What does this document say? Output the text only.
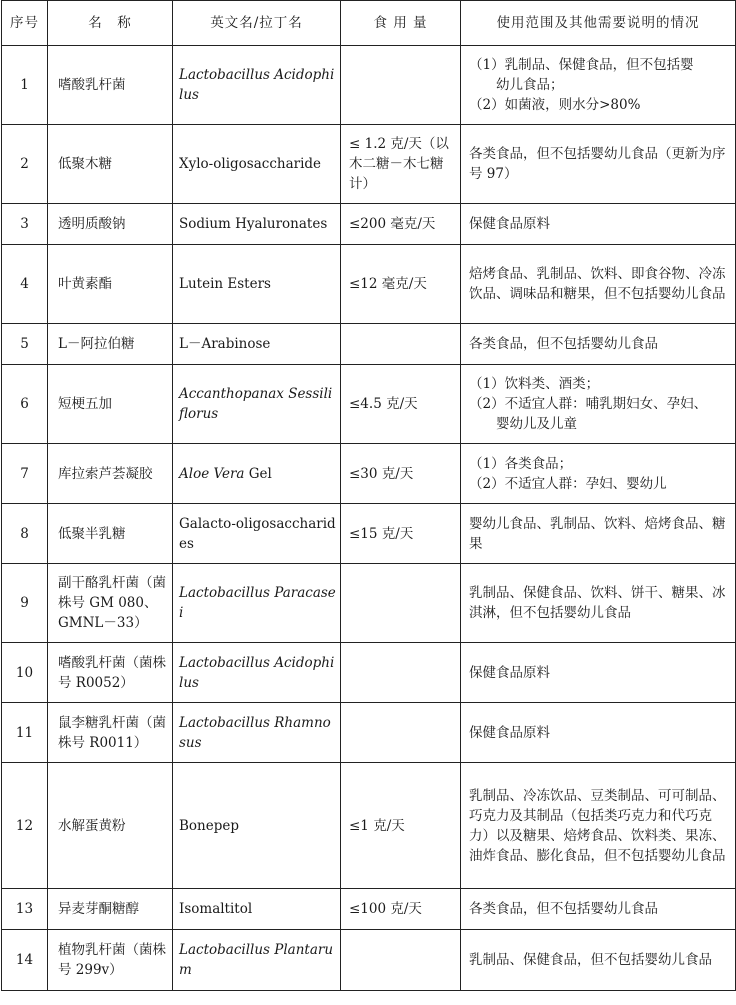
序号	名　称	英文名/拉丁名	食 用 量	使用范围及其他需要说明的情况
1	嗜酸乳杆菌	Lactobacillus Acidophilus		（1）乳制品、保健食品，但不包括婴
　　幼儿食品；
（2）如菌液，则水分>80%

2	低聚木糖	Xylo-oligosaccharide	≤ 1.2 克/天（以木二糖－木七糖计）	各类食品，但不包括婴幼儿食品（更新为序号 97）

3	透明质酸钠	Sodium Hyaluronates	≤200 毫克/天	保健食品原料

4	叶黄素酯	Lutein Esters	≤12 毫克/天	焙烤食品、乳制品、饮料、即食谷物、冷冻饮品、调味品和糖果，但不包括婴幼儿食品

5	L－阿拉伯糖	L－Arabinose		各类食品，但不包括婴幼儿食品

6	短梗五加	Accanthopanax Sessiliflorus	≤4.5 克/天	（1）饮料类、酒类；
（2）不适宜人群：哺乳期妇女、孕妇、
　　婴幼儿及儿童

7	库拉索芦荟凝胶	Aloe Vera Gel	≤30 克/天	（1）各类食品；
（2）不适宜人群：孕妇、婴幼儿

8	低聚半乳糖	Galacto-oligosaccharides	≤15 克/天	婴幼儿食品、乳制品、饮料、焙烤食品、糖果

9	副干酪乳杆菌（菌株号 GM 080、GMNL－33）	Lactobacillus Paracasei		乳制品、保健食品、饮料、饼干、糖果、冰淇淋，但不包括婴幼儿食品

10	嗜酸乳杆菌（菌株号 R0052）	Lactobacillus Acidophilus		保健食品原料

11	鼠李糖乳杆菌（菌株号 R0011）	Lactobacillus Rhamnosus		保健食品原料

12	水解蛋黄粉	Bonepep	≤1 克/天	乳制品、冷冻饮品、豆类制品、可可制品、巧克力及其制品（包括类巧克力和代巧克力）以及糖果、焙烤食品、饮料类、果冻、油炸食品、膨化食品，但不包括婴幼儿食品

13	异麦芽酮糖醇	Isomaltitol	≤100 克/天	各类食品，但不包括婴幼儿食品

14	植物乳杆菌（菌株号 299v）	Lactobacillus Plantarum		乳制品、保健食品，但不包括婴幼儿食品
